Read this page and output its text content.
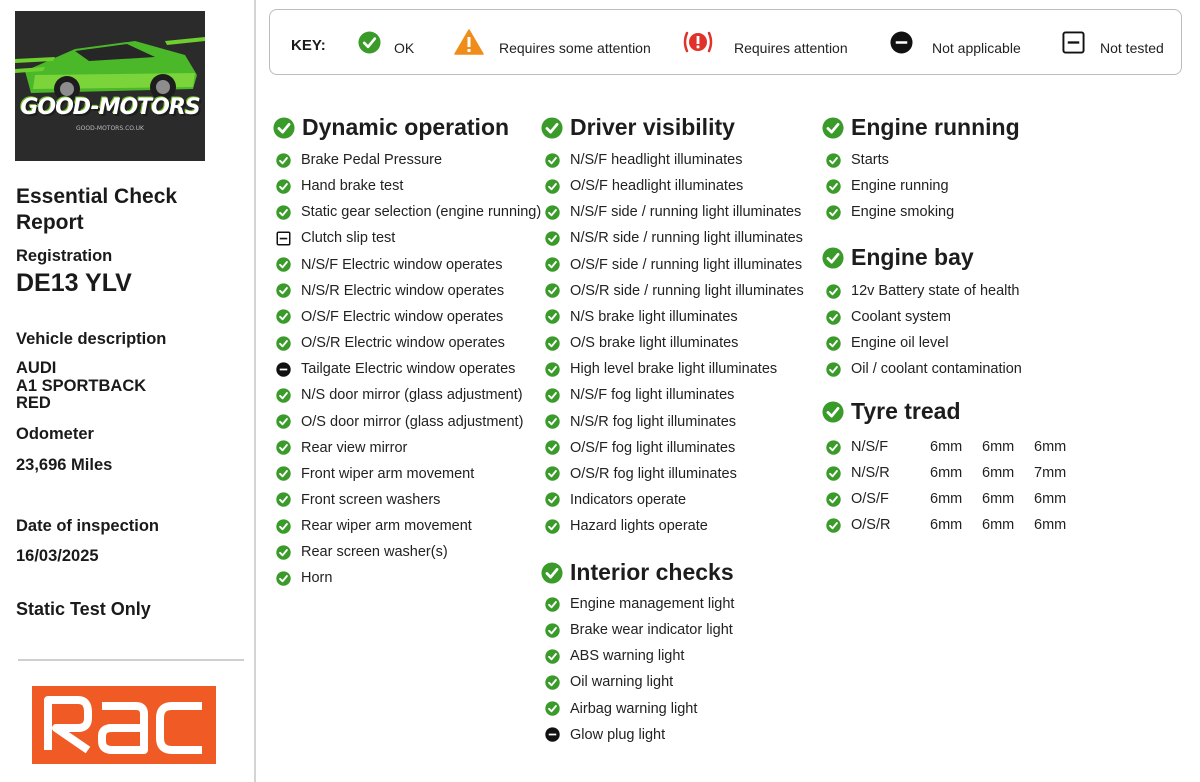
GOOD-MOTORS
GOOD-MOTORS.CO.UK
Essential Check Report
Registration
DE13 YLV
Vehicle description
AUDI
A1 SPORTBACK
RED
Odometer
23,696 Miles
Date of inspection
16/03/2025
Static Test Only
KEY:	OK	Requires some attention	Requires attention	Not applicable	Not tested
Dynamic operation
Brake Pedal Pressure
Hand brake test
Static gear selection (engine running)
Clutch slip test
N/S/F Electric window operates
N/S/R Electric window operates
O/S/F Electric window operates
O/S/R Electric window operates
Tailgate Electric window operates
N/S door mirror (glass adjustment)
O/S door mirror (glass adjustment)
Rear view mirror
Front wiper arm movement
Front screen washers
Rear wiper arm movement
Rear screen washer(s)
Horn
Driver visibility
N/S/F headlight illuminates
O/S/F headlight illuminates
N/S/F side / running light illuminates
N/S/R side / running light illuminates
O/S/F side / running light illuminates
O/S/R side / running light illuminates
N/S brake light illuminates
O/S brake light illuminates
High level brake light illuminates
N/S/F fog light illuminates
N/S/R fog light illuminates
O/S/F fog light illuminates
O/S/R fog light illuminates
Indicators operate
Hazard lights operate
Interior checks
Engine management light
Brake wear indicator light
ABS warning light
Oil warning light
Airbag warning light
Glow plug light
Engine running
Starts
Engine running
Engine smoking
Engine bay
12v Battery state of health
Coolant system
Engine oil level
Oil / coolant contamination
Tyre tread
N/S/F	6mm	6mm	6mm
N/S/R	6mm	6mm	7mm
O/S/F	6mm	6mm	6mm
O/S/R	6mm	6mm	6mm
